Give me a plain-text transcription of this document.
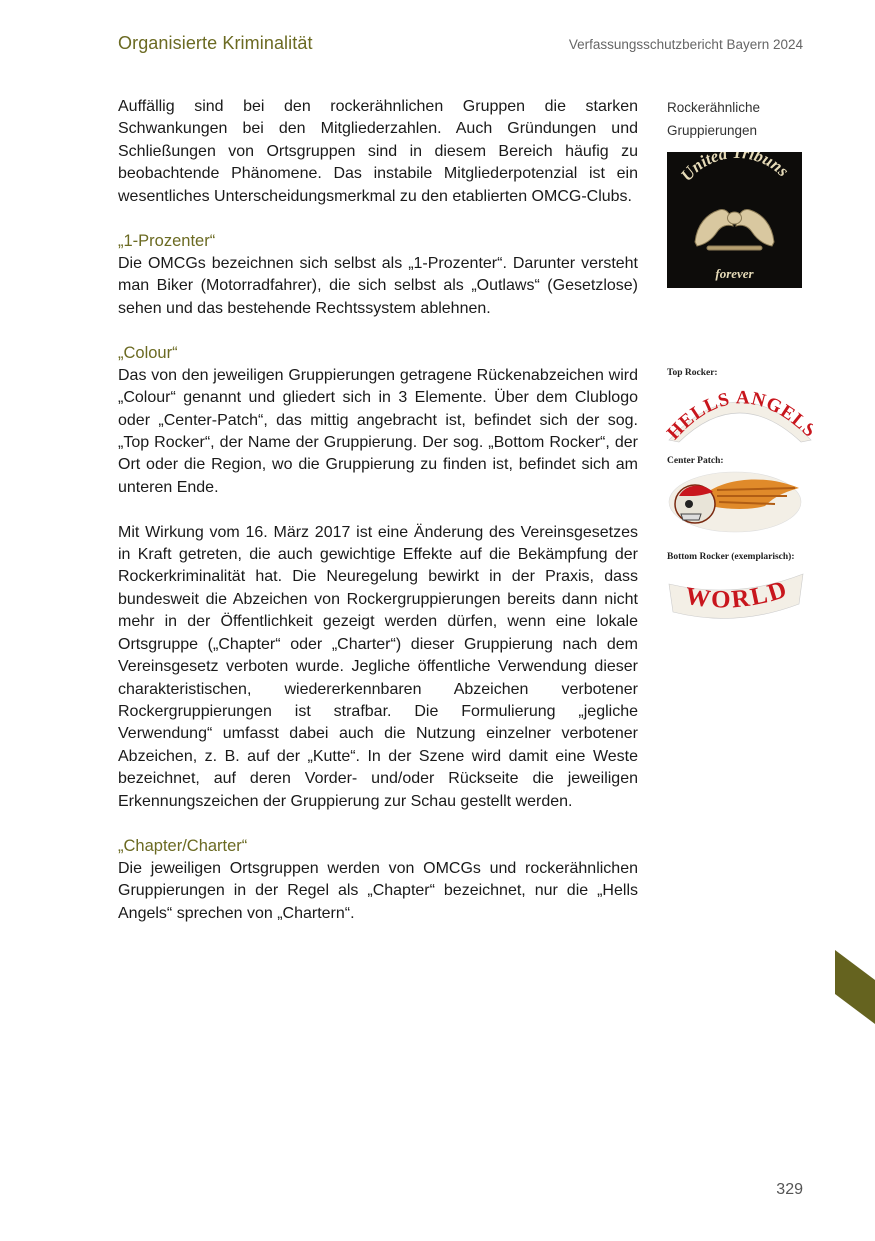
Organisierte Kriminalität	Verfassungsschutzbericht Bayern 2024

Auffällig sind bei den rockerähnlichen Gruppen die starken Schwankungen bei den Mitgliederzahlen. Auch Gründungen und Schließungen von Ortsgruppen sind in diesem Bereich häufig zu beobachtende Phänomene. Das instabile Mitgliederpotenzial ist ein wesentliches Unterscheidungsmerkmal zu den etablierten OMCG-Clubs.

„1-Prozenter“

Die OMCGs bezeichnen sich selbst als „1-Prozenter“. Darunter versteht man Biker (Motorradfahrer), die sich selbst als „Outlaws“ (Gesetzlose) sehen und das bestehende Rechtssystem ablehnen.

„Colour“

Das von den jeweiligen Gruppierungen getragene Rückenabzeichen wird „Colour“ genannt und gliedert sich in 3 Elemente. Über dem Clublogo oder „Center-Patch“, das mittig angebracht ist, befindet sich der sog. „Top Rocker“, der Name der Gruppierung. Der sog. „Bottom Rocker“, der Ort oder die Region, wo die Gruppierung zu finden ist, befindet sich am unteren Ende.

Mit Wirkung vom 16. März 2017 ist eine Änderung des Vereinsgesetzes in Kraft getreten, die auch gewichtige Effekte auf die Bekämpfung der Rockerkriminalität hat. Die Neuregelung bewirkt in der Praxis, dass bundesweit die Abzeichen von Rockergruppierungen bereits dann nicht mehr in der Öffentlichkeit gezeigt werden dürfen, wenn eine lokale Ortsgruppe („Chapter“ oder „Charter“) dieser Gruppierung nach dem Vereinsgesetz verboten wurde. Jegliche öffentliche Verwendung dieser charakteristischen, wiedererkennbaren Abzeichen verbotener Rockergruppierungen ist strafbar. Die Formulierung „jegliche Verwendung“ umfasst dabei auch die Nutzung einzelner verbotener Abzeichen, z. B. auf der „Kutte“. In der Szene wird damit eine Weste bezeichnet, auf deren Vorder- und/oder Rückseite die jeweiligen Erkennungszeichen der Gruppierung zur Schau gestellt werden.

„Chapter/Charter“

Die jeweiligen Ortsgruppen werden von OMCGs und rockerähnlichen Gruppierungen in der Regel als „Chapter“ bezeichnet, nur die „Hells Angels“ sprechen von „Chartern“.

Rockerähnliche

Gruppierungen

United Tribuns
forever
Top Rocker:
HELLS ANGEL
Center Patch:
Bottom Rocker (exemplarisch):
WORLD
329
